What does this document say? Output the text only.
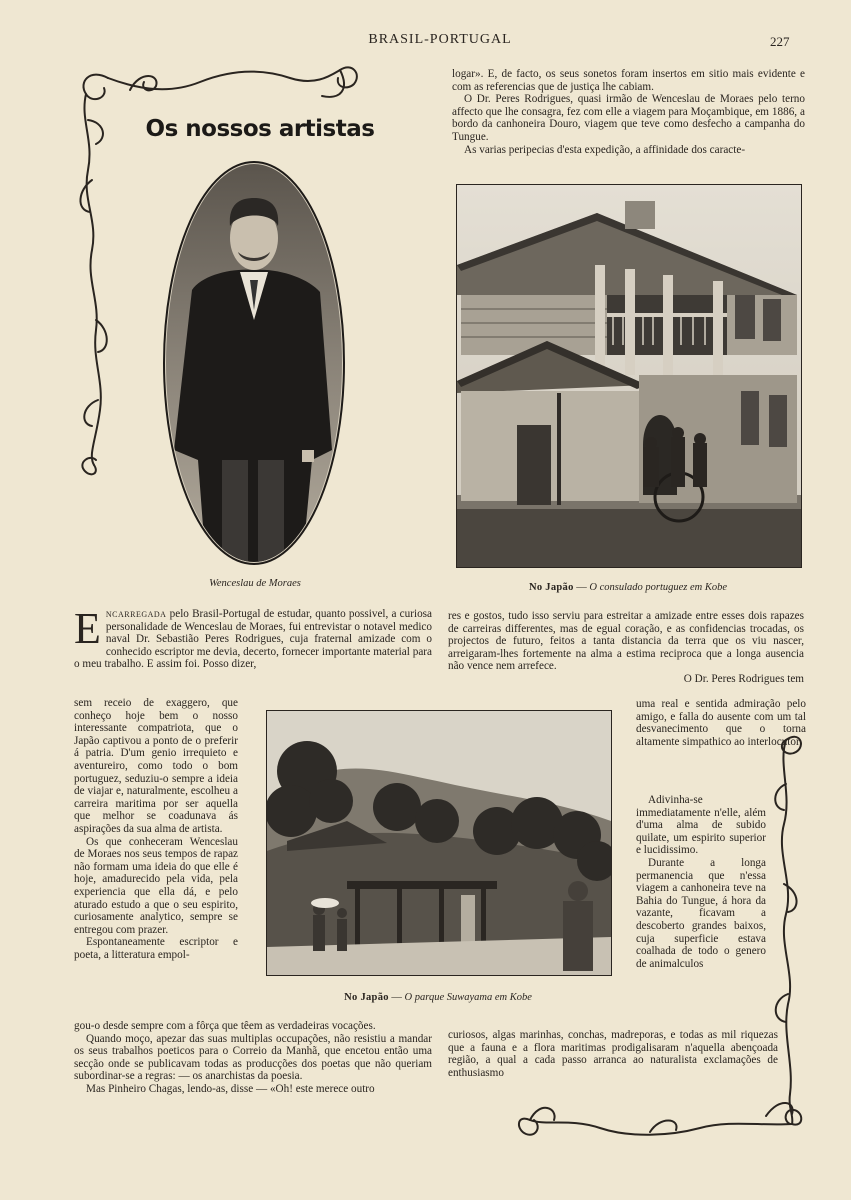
BRASIL-PORTUGAL	227
Os nossos artistas
Wenceslau de Moraes

logar». E, de facto, os seus sonetos foram insertos em sitio mais evidente e com as referencias que de justiça lhe cabiam.

O Dr. Peres Rodrigues, quasi irmão de Wenceslau de Moraes pelo terno affecto que lhe consagra, fez com elle a viagem para Moçambique, em 1886, a bordo da canhoneira Douro, viagem que teve como desfecho a campanha do Tungue.

As varias peripecias d'esta expedição, a affinidade dos caracte-

No Japão — O consulado portuguez em Kobe
Encarregada pelo Brasil-Portugal de estudar, quanto possivel, a curiosa personalidade de Wenceslau de Moraes, fui entrevistar o notavel medico naval Dr. Sebastião Peres Rodrigues, cuja fraternal amizade com o conhecido escriptor me devia, decerto, fornecer importante material para o meu trabalho. E assim foi. Posso dizer,

sem receio de exaggero, que conheço hoje bem o nosso interessante compatriota, que o Japão captivou a ponto de o preferir á patria. D'um genio irrequieto e aventureiro, como todo o bom portuguez, seduziu-o sempre a ideia de viajar e, naturalmente, escolheu a carreira maritima por ser aquella que melhor se coadunava ás aspirações da sua alma de artista.

Os que conheceram Wenceslau de Moraes nos seus tempos de rapaz não formam uma ideia do que elle é hoje, amadurecido pela vida, pela experiencia que ella dá, e pelo aturado estudo a que o seu espirito, curiosamente analytico, sempre se entregou com prazer.

Espontaneamente escriptor e poeta, a litteratura empol-

No Japão — O parque Suwayama em Kobe

gou-o desde sempre com a fôrça que têem as verdadeiras vocações.

Quando moço, apezar das suas multiplas occupações, não resistiu a mandar os seus trabalhos poeticos para o Correio da Manhã, que encetou então uma secção onde se publicavam todas as producções dos poetas que não queriam subordinar-se a regras: — os anarchistas da poesia.

Mas Pinheiro Chagas, lendo-as, disse — «Oh! este merece outro

res e gostos, tudo isso serviu para estreitar a amizade entre esses dois rapazes de carreiras differentes, mas de egual coração, e as confidencias trocadas, os projectos de futuro, feitos a tanta distancia da terra que os viu nascer, arreigaram-lhes fortemente na alma a estima reciproca que a longa ausencia não vence nem arrefece.

O Dr. Peres Rodrigues tem

uma real e sentida admiração pelo amigo, e falla do ausente com um tal desvanecimento que o torna altamente simpathico ao interlocutor.

Adivinha-se immediatamente n'elle, além d'uma alma de subido quilate, um espirito superior e lucidissimo.

Durante a longa permanencia que n'essa viagem a canhoneira teve na Bahia do Tungue, á hora da vazante, ficavam a descoberto grandes baixos, cuja superficie estava coalhada de todo o genero de animalculos

curiosos, algas marinhas, conchas, madreporas, e todas as mil riquezas que a fauna e a flora maritimas prodigalisaram n'aquella abençoada região, a qual a cada passo arranca ao naturalista exclamações de enthusiasmo
